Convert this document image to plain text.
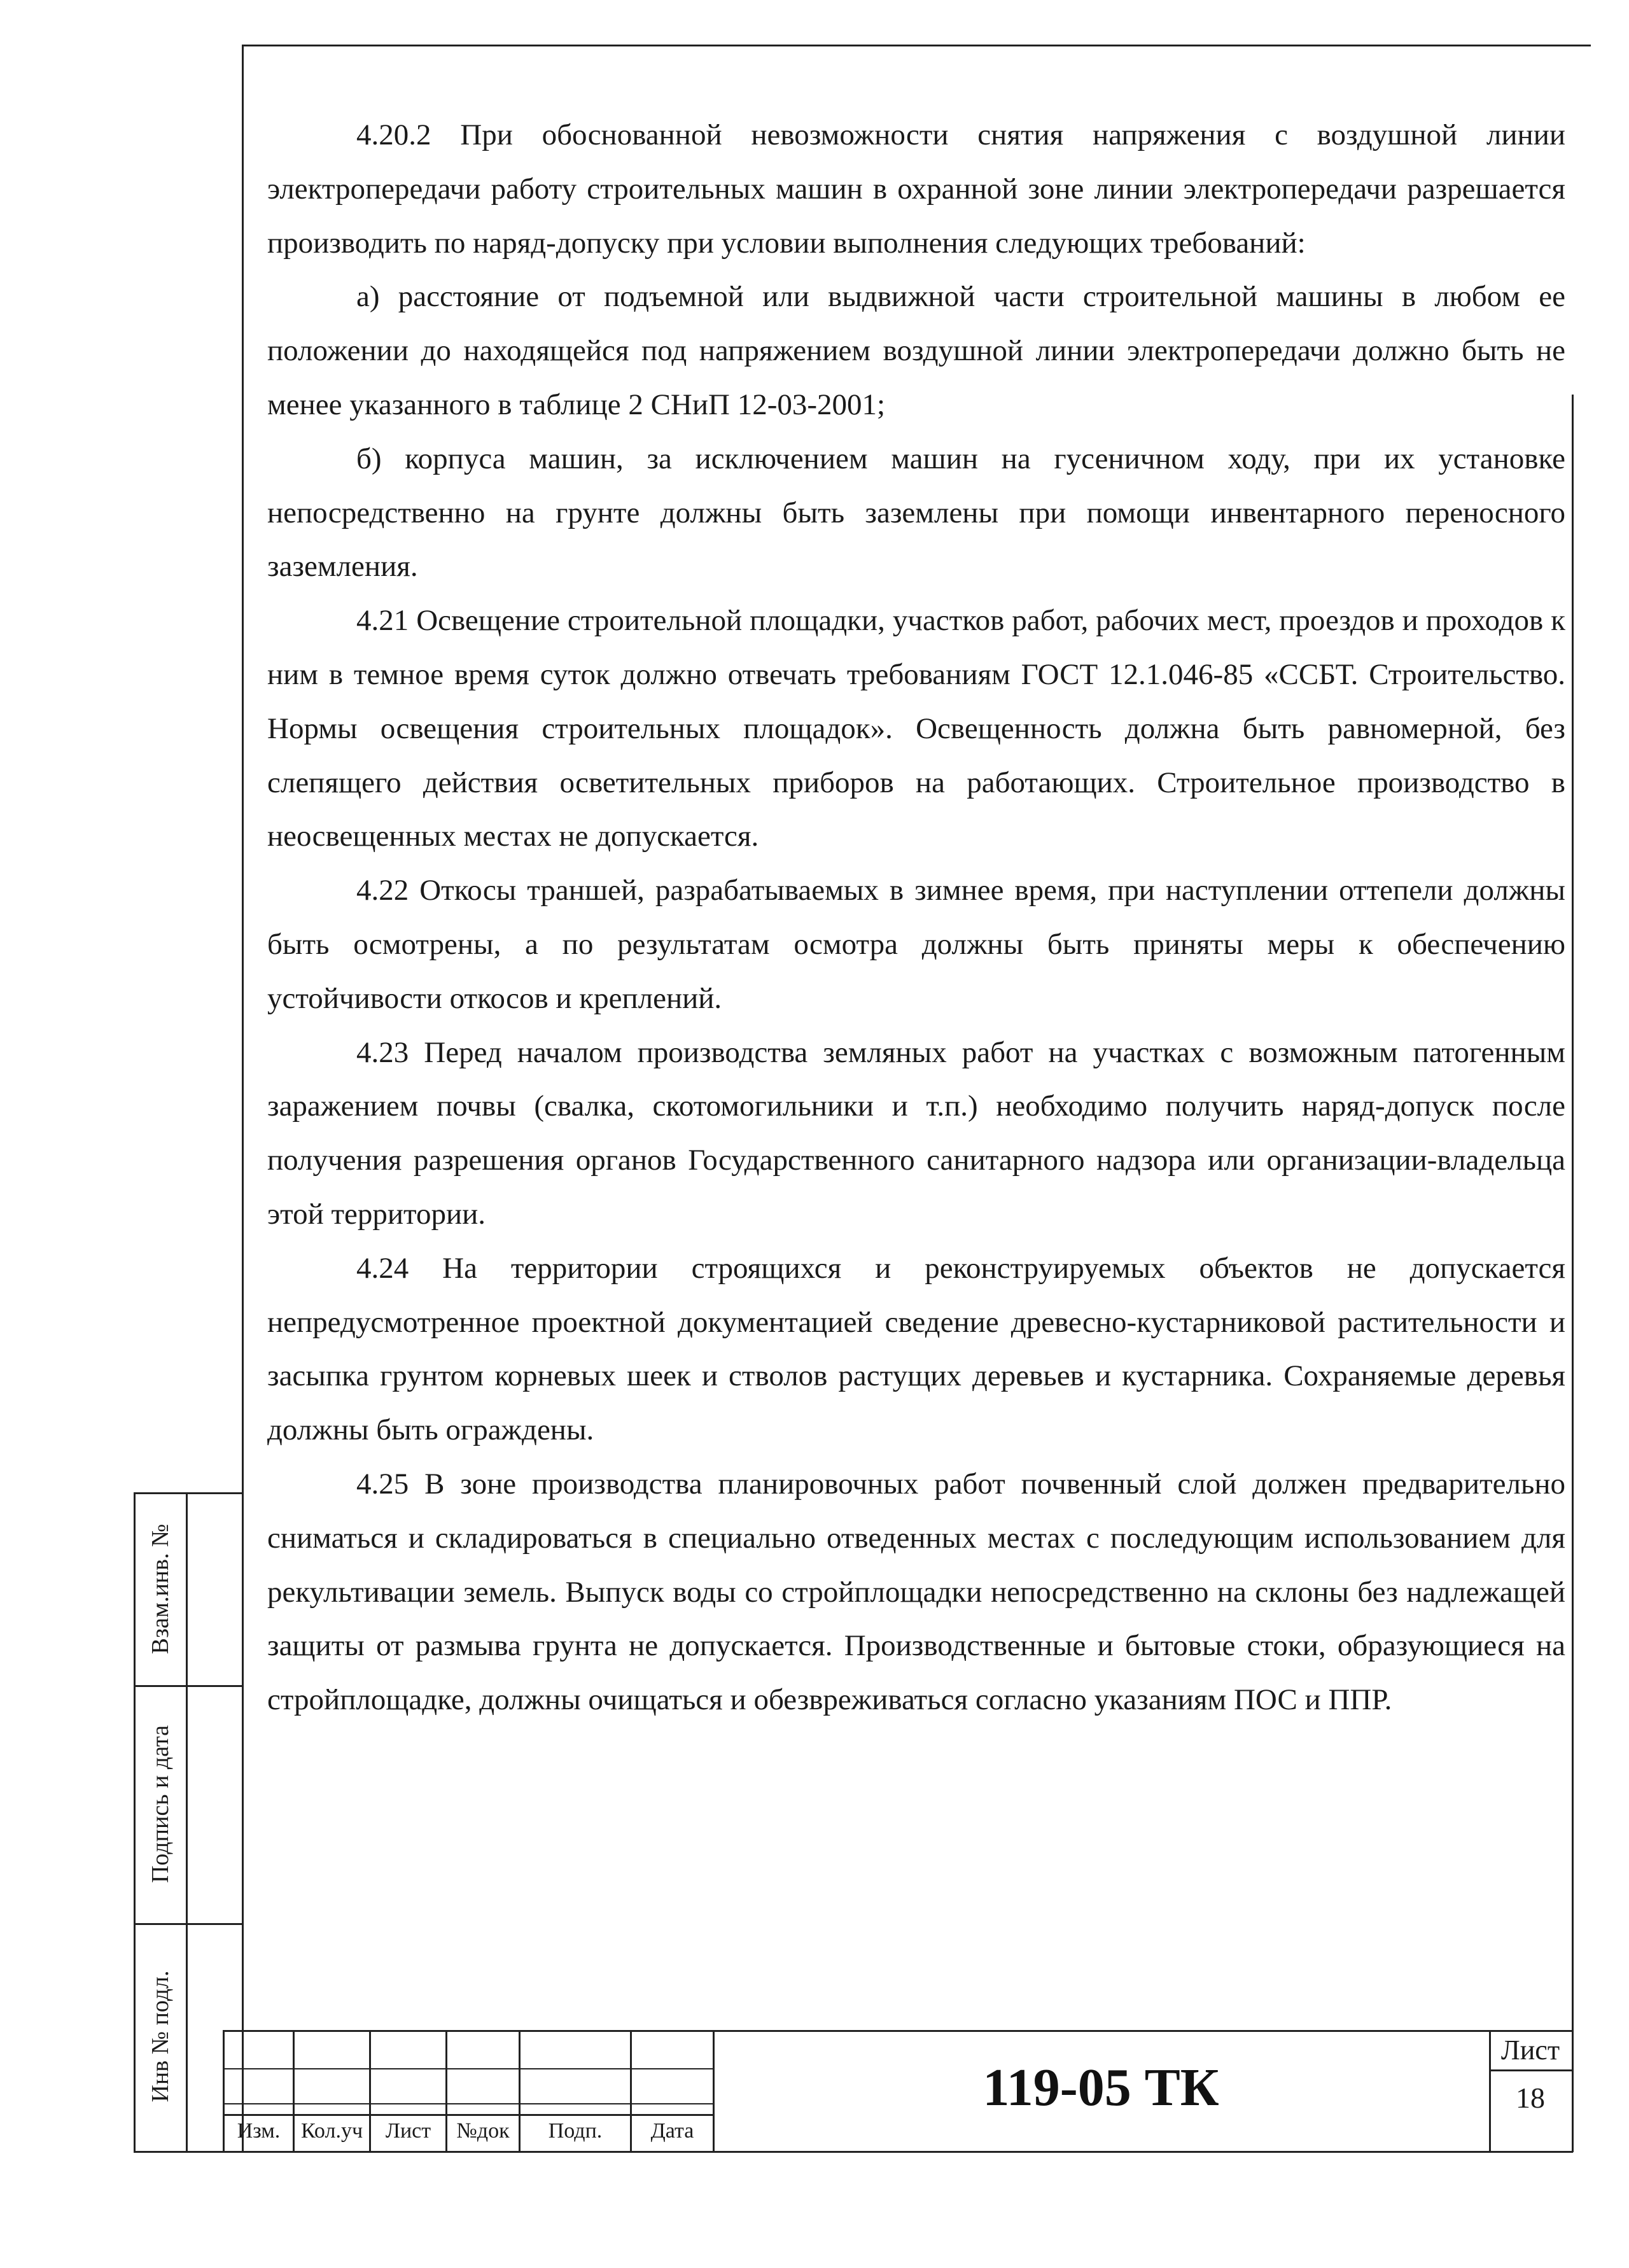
Взам.инв. №
Подпись и дата
Инв № подл.

4.20.2 При обоснованной невозможности снятия напряжения с воздушной линии электропередачи работу строительных машин в охранной зоне линии электропередачи разрешается производить по наряд-допуску при условии выполнения следующих требований:

а) расстояние от подъемной или выдвижной части строительной машины в любом ее положении до находящейся под напряжением воздушной линии электропередачи должно быть не менее указанного в таблице 2 СНиП 12-03-2001;

б) корпуса машин, за исключением машин на гусеничном ходу, при их установке непосредственно на грунте должны быть заземлены при помощи инвентарного переносного заземления.

4.21 Освещение строительной площадки, участков работ, рабочих мест, проездов и проходов к ним в темное время суток должно отвечать требованиям ГОСТ 12.1.046-85 «ССБТ. Строительство. Нормы освещения строительных площадок». Освещенность должна быть равномерной, без слепящего действия осветительных приборов на работающих. Строительное производство в неосвещенных местах не допускается.

4.22 Откосы траншей, разрабатываемых в зимнее время, при наступлении оттепели должны быть осмотрены, а по результатам осмотра должны быть приняты меры к обеспечению устойчивости откосов и креплений.

4.23 Перед началом производства земляных работ на участках с возможным патогенным заражением почвы (свалка, скотомогильники и т.п.) необходимо получить наряд-допуск после получения разрешения органов Государственного санитарного надзора или организации-владельца этой территории.

4.24 На территории строящихся и реконструируемых объектов не допускается непредусмотренное проектной документацией сведение древесно-кустарниковой растительности и засыпка грунтом корневых шеек и стволов растущих деревьев и кустарника. Сохраняемые деревья должны быть ограждены.

4.25 В зоне производства планировочных работ почвенный слой должен предварительно сниматься и складироваться в специально отведенных местах с последующим использованием для рекультивации земель. Выпуск воды со стройплощадки непосредственно на склоны без надлежащей защиты от размыва грунта не допускается. Производственные и бытовые стоки, образующиеся на стройплощадке, должны очищаться и обезвреживаться согласно указаниям ПОС и ППР.

Изм. Кол.уч	Лист	№док	Подп.	Дата
119-05 ТК
Лист
18
